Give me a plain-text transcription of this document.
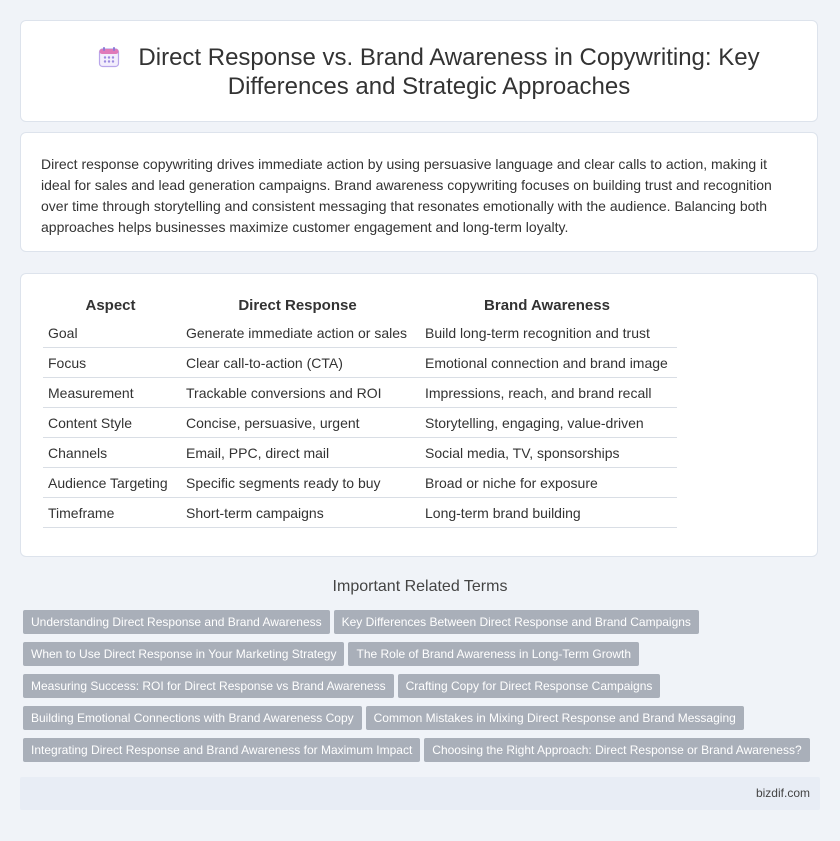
Direct Response vs. Brand Awareness in Copywriting: Key Differences and Strategic Approaches
Direct response copywriting drives immediate action by using persuasive language and clear calls to action, making it ideal for sales and lead generation campaigns. Brand awareness copywriting focuses on building trust and recognition over time through storytelling and consistent messaging that resonates emotionally with the audience. Balancing both approaches helps businesses maximize customer engagement and long-term loyalty.
Aspect	Direct Response	Brand Awareness
Goal	Generate immediate action or sales	Build long-term recognition and trust
Focus	Clear call-to-action (CTA)	Emotional connection and brand image
Measurement	Trackable conversions and ROI	Impressions, reach, and brand recall
Content Style	Concise, persuasive, urgent	Storytelling, engaging, value-driven
Channels	Email, PPC, direct mail	Social media, TV, sponsorships
Audience Targeting	Specific segments ready to buy	Broad or niche for exposure
Timeframe	Short-term campaigns	Long-term brand building
Important Related Terms
Understanding Direct Response and Brand Awareness Key Differences Between Direct Response and Brand Campaigns
When to Use Direct Response in Your Marketing Strategy The Role of Brand Awareness in Long-Term Growth
Measuring Success: ROI for Direct Response vs Brand Awareness Crafting Copy for Direct Response Campaigns
Building Emotional Connections with Brand Awareness Copy Common Mistakes in Mixing Direct Response and Brand Messaging
Integrating Direct Response and Brand Awareness for Maximum Impact Choosing the Right Approach: Direct Response or Brand Awareness?
bizdif.com
